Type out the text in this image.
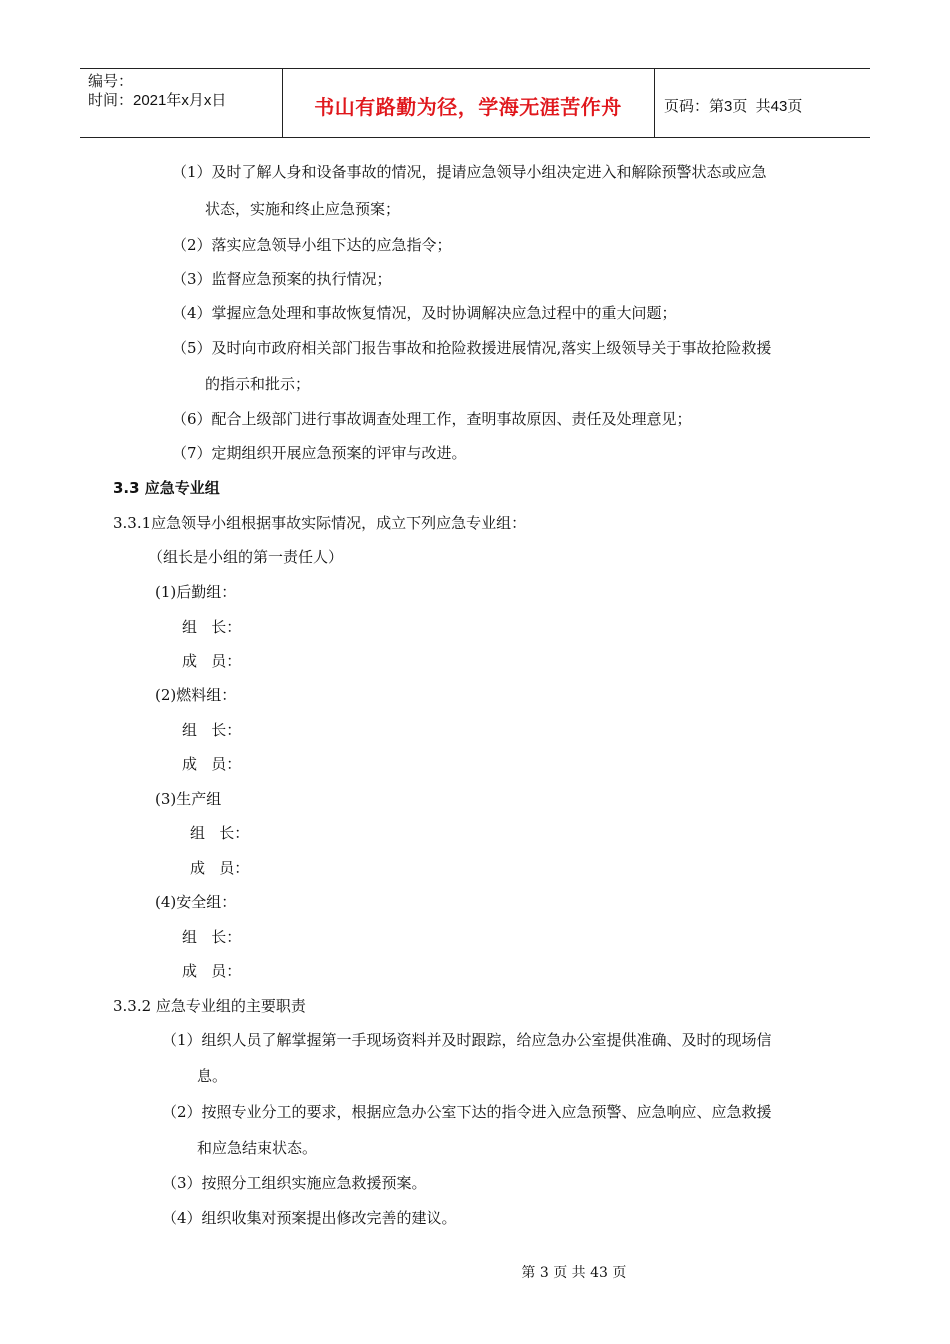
编号：
时间：2021年x月x日	书山有路勤为径，学海无涯苦作舟	页码：第3页  共43页
（1）及时了解人身和设备事故的情况，提请应急领导小组决定进入和解除预警状态或应急
状态，实施和终止应急预案；
（2）落实应急领导小组下达的应急指令；
（3）监督应急预案的执行情况；
（4）掌握应急处理和事故恢复情况，及时协调解决应急过程中的重大问题；
（5）及时向市政府相关部门报告事故和抢险救援进展情况,落实上级领导关于事故抢险救援
的指示和批示；
（6）配合上级部门进行事故调查处理工作，查明事故原因、责任及处理意见；
（7）定期组织开展应急预案的评审与改进。
3.3 应急专业组
3.3.1应急领导小组根据事故实际情况，成立下列应急专业组：
（组长是小组的第一责任人）
(1)后勤组：
组   长：
成   员：
(2)燃料组：
组   长：
成   员：
(3)生产组
组   长：
成   员：
(4)安全组：
组   长：
成   员：
3.3.2 应急专业组的主要职责
（1）组织人员了解掌握第一手现场资料并及时跟踪，给应急办公室提供准确、及时的现场信
息。
（2）按照专业分工的要求，根据应急办公室下达的指令进入应急预警、应急响应、应急救援
和应急结束状态。
（3）按照分工组织实施应急救援预案。
（4）组织收集对预案提出修改完善的建议。

第 3 页 共 43 页
